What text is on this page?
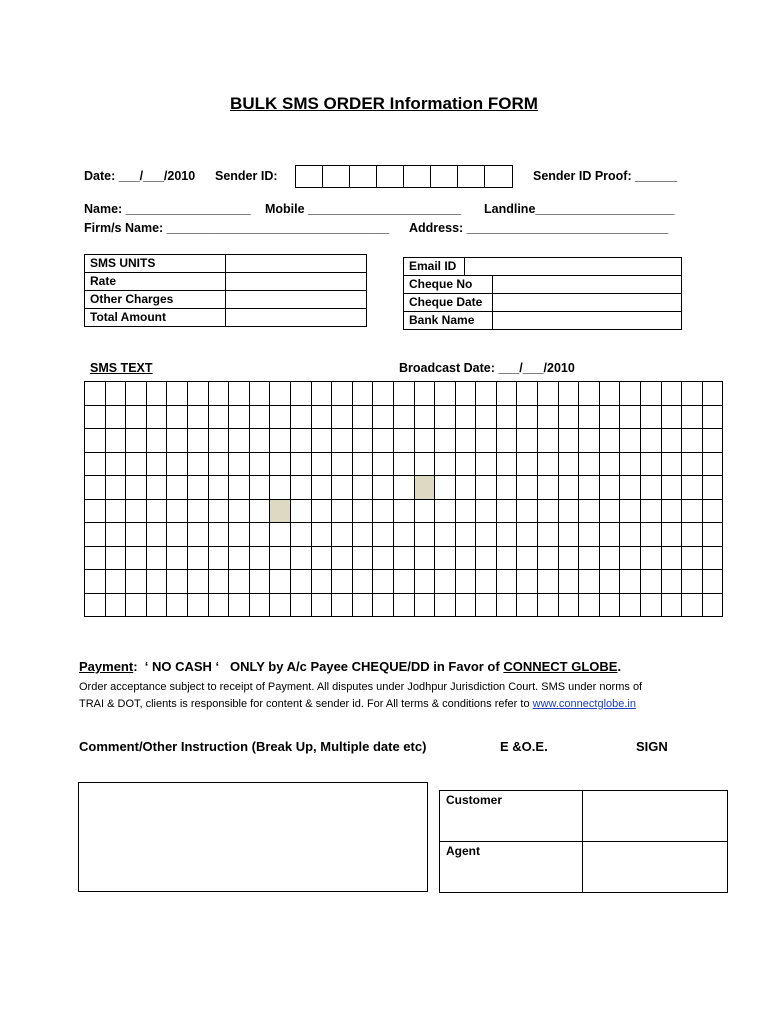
BULK SMS ORDER Information FORM
Date: ___/___/2010 Sender ID:	Sender ID Proof: ______
Name: __________________ Mobile ______________________ Landline____________________
Firm/s Name: ________________________________ Address: _____________________________
SMS UNITS	
Rate	
Other Charges	
Total Amount	
Email ID		
Cheque No		
Cheque Date		
Bank Name		
SMS TEXT	Broadcast Date: ___/___/2010

Payment:  ‘ NO CASH ‘   ONLY by A/c Payee CHEQUE/DD in Favor of CONNECT GLOBE.
Order acceptance subject to receipt of Payment. All disputes under Jodhpur Jurisdiction Court. SMS under norms of
TRAI & DOT, clients is responsible for content & sender id. For All terms & conditions refer to www.connectglobe.in
Comment/Other Instruction (Break Up, Multiple date etc)	E &O.E.	SIGN
Customer	
Agent	
